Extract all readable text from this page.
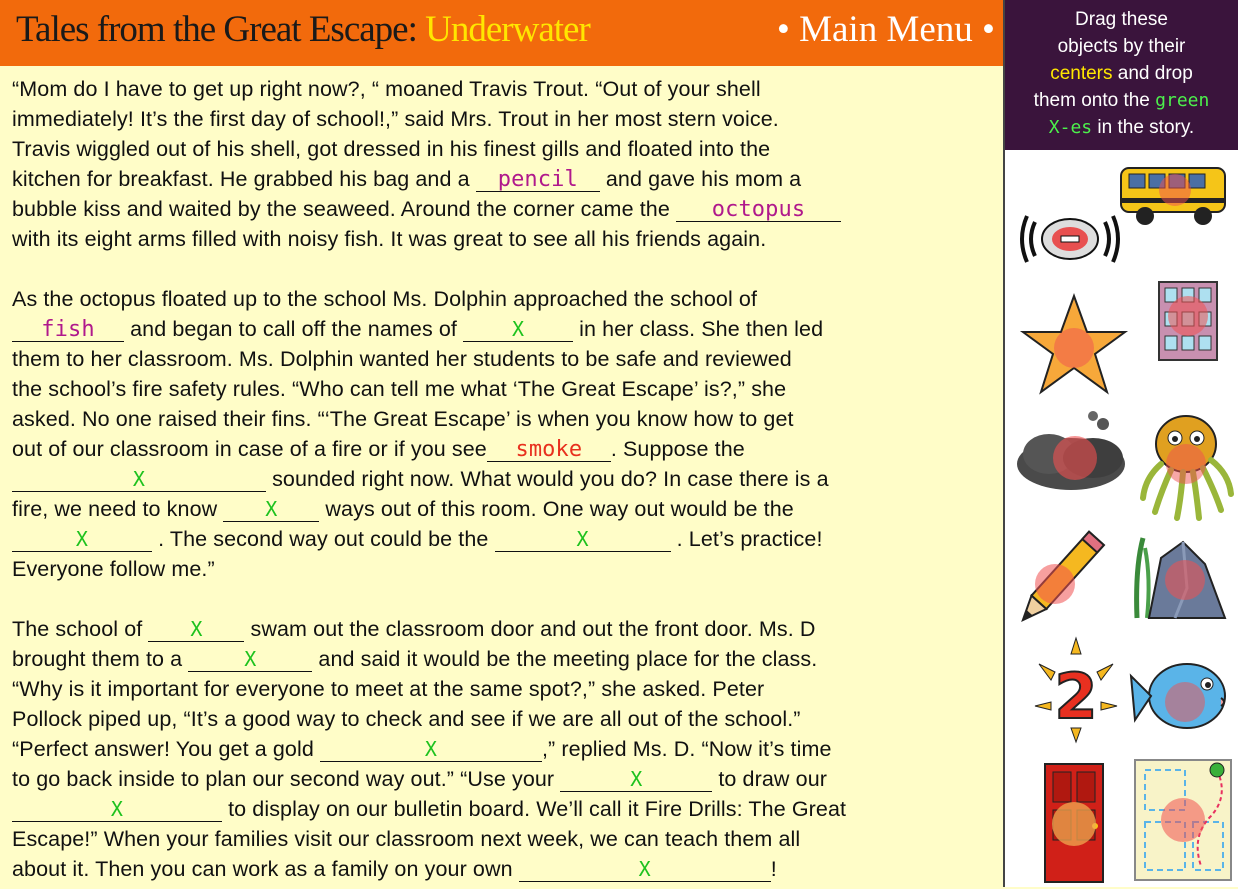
Tales from the Great Escape: Underwater	• Main Menu •
“Mom do I have to get up right now?, “ moaned Travis Trout. “Out of your shell
immediately! It’s the first day of school!,” said Mrs. Trout in her most stern voice.
Travis wiggled out of his shell, got dressed in his finest gills and floated into the
kitchen for breakfast. He grabbed his bag and a pencil and gave his mom a
bubble kiss and waited by the seaweed. Around the corner came the octopus
with its eight arms filled with noisy fish. It was great to see all his friends again.
As the octopus floated up to the school Ms. Dolphin approached the school of
fish and began to call off the names of X in her class. She then led
them to her classroom. Ms. Dolphin wanted her students to be safe and reviewed
the school’s fire safety rules. “Who can tell me what ‘The Great Escape’ is?,” she
asked. No one raised their fins. “‘The Great Escape’ is when you know how to get
out of our classroom in case of a fire or if you see smoke . Suppose the
X	sounded right now. What would you do? In case there is a
fire, we need to know X ways out of this room. One way out would be the
X	. The second way out could be the	X	. Let’s practice!
Everyone follow me.”
The school of X swam out the classroom door and out the front door. Ms. D
brought them to a	X	and said it would be the meeting place for the class.
“Why is it important for everyone to meet at the same spot?,” she asked. Peter
Pollock piped up, “It’s a good way to check and see if we are all out of the school.”
“Perfect answer! You get a gold	X	,” replied Ms. D. “Now it’s time
to go back inside to plan our second way out.” “Use your	X	to draw our
X	to display on our bulletin board. We’ll call it Fire Drills: The Great
Escape!” When your families visit our classroom next week, we can teach them all
about it. Then you can work as a family on your own	X	!
Drag these
objects by their
centers and drop
them onto the green
X-es in the story.
2
